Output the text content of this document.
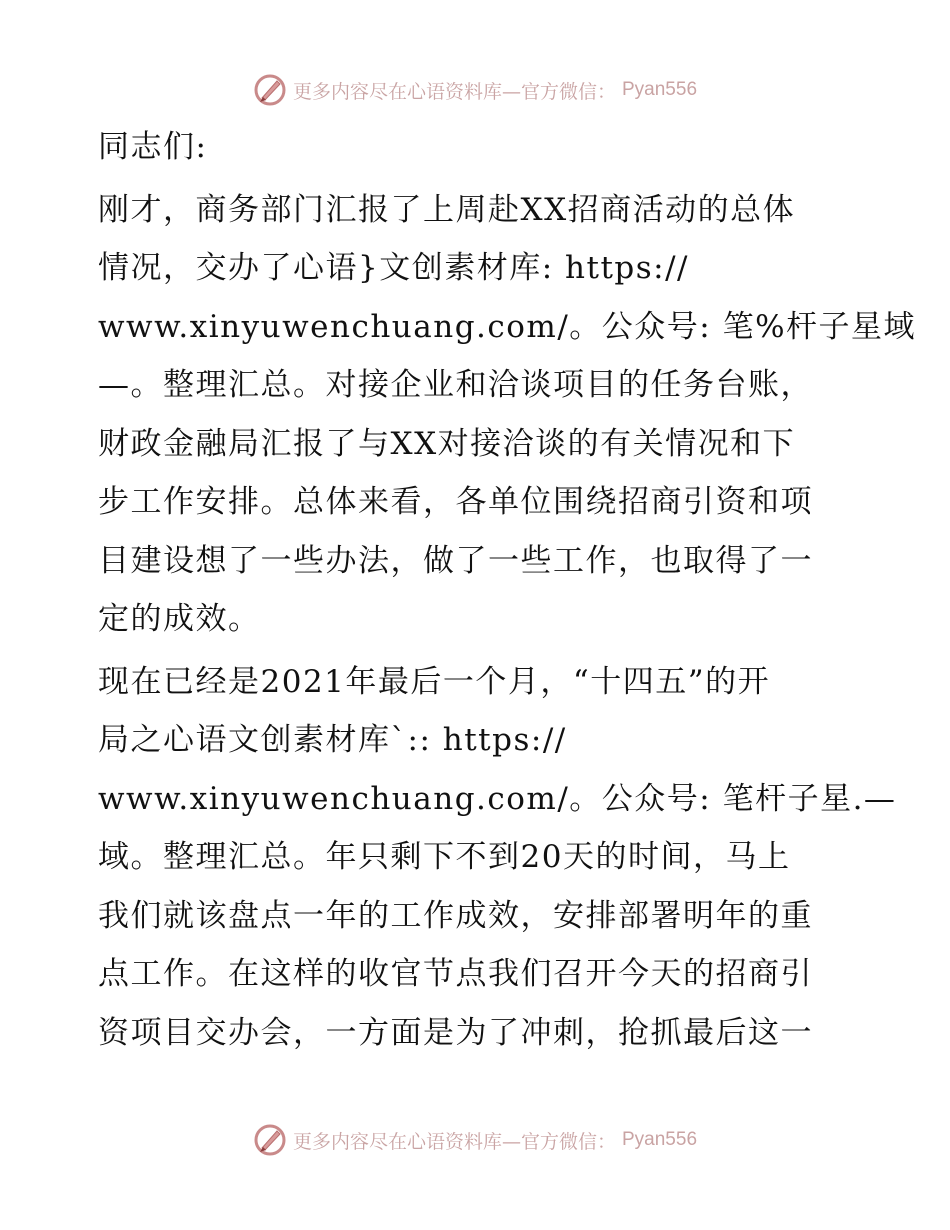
更多内容尽在心语资料库—官方微信： Pyan556

同志们:

刚才，商务部门汇报了上周赴XX招商活动的总体
情况，交办了心语}文创素材库: https://
www.xinyuwenchuang.com/。公众号: 笔%杆子星域
—。整理汇总。对接企业和洽谈项目的任务台账，
财政金融局汇报了与XX对接洽谈的有关情况和下
步工作安排。总体来看，各单位围绕招商引资和项
目建设想了一些办法，做了一些工作，也取得了一
定的成效。

现在已经是2021年最后一个月，“十四五”的开
局之心语文创素材库`:: https://
www.xinyuwenchuang.com/。公众号: 笔杆子星.—
域。整理汇总。年只剩下不到20天的时间，马上
我们就该盘点一年的工作成效，安排部署明年的重
点工作。在这样的收官节点我们召开今天的招商引
资项目交办会，一方面是为了冲刺，抢抓最后这一

更多内容尽在心语资料库—官方微信： Pyan556
